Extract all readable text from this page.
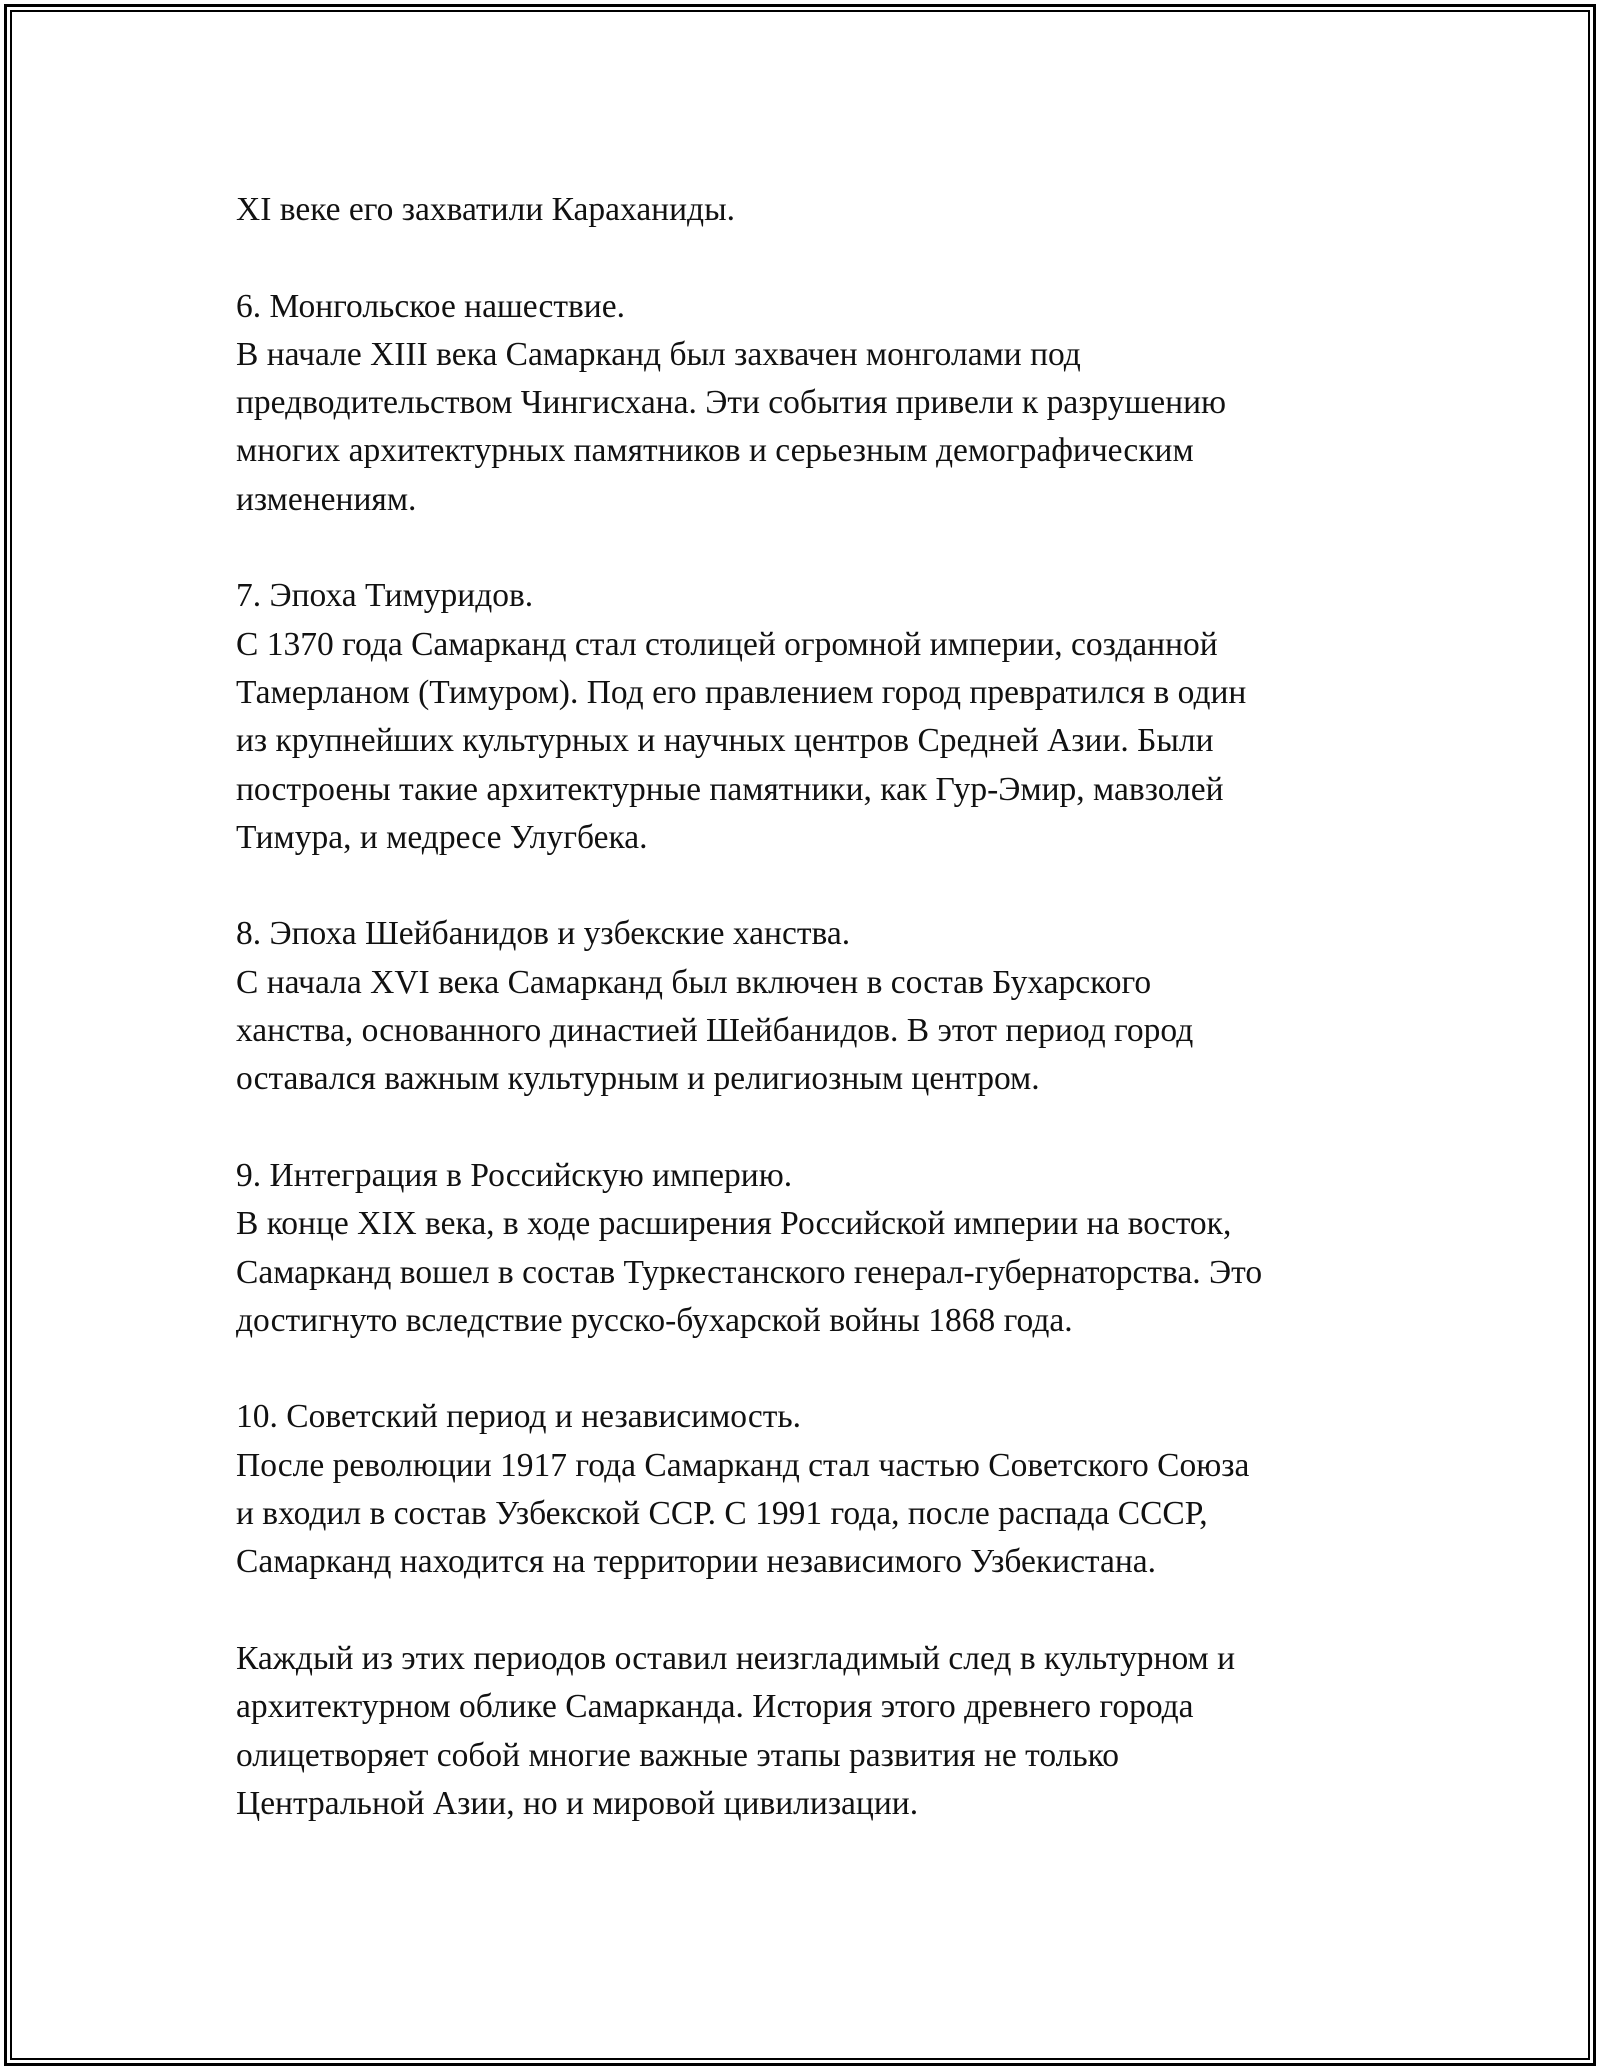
XI веке его захватили Караханиды.

6. Монгольское нашествие.

В начале XIII века Самарканд был захвачен монголами под

предводительством Чингисхана. Эти события привели к разрушению

многих архитектурных памятников и серьезным демографическим

изменениям.

7. Эпоха Тимуридов.

С 1370 года Самарканд стал столицей огромной империи, созданной

Тамерланом (Тимуром). Под его правлением город превратился в один

из крупнейших культурных и научных центров Средней Азии. Были

построены такие архитектурные памятники, как Гур-Эмир, мавзолей

Тимура, и медресе Улугбека.

8. Эпоха Шейбанидов и узбекские ханства.

С начала XVI века Самарканд был включен в состав Бухарского

ханства, основанного династией Шейбанидов. В этот период город

оставался важным культурным и религиозным центром.

9. Интеграция в Российскую империю.

В конце XIX века, в ходе расширения Российской империи на восток,

Самарканд вошел в состав Туркестанского генерал-губернаторства. Это

достигнуто вследствие русско-бухарской войны 1868 года.

10. Советский период и независимость.

После революции 1917 года Самарканд стал частью Советского Союза

и входил в состав Узбекской ССР. С 1991 года, после распада СССР,

Самарканд находится на территории независимого Узбекистана.

Каждый из этих периодов оставил неизгладимый след в культурном и

архитектурном облике Самарканда. История этого древнего города

олицетворяет собой многие важные этапы развития не только

Центральной Азии, но и мировой цивилизации.
